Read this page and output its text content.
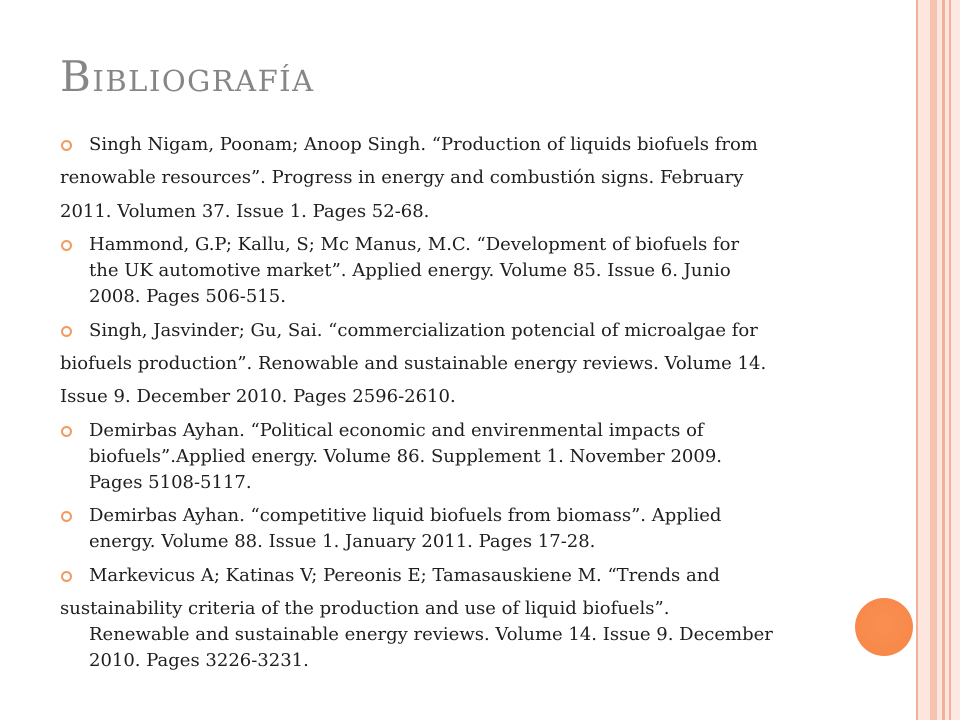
Bibliografía
Singh Nigam, Poonam; Anoop Singh. “Production of liquids biofuels from
renowable resources”. Progress in energy and combustión signs. February
2011. Volumen 37. Issue 1. Pages 52-68.
Hammond, G.P; Kallu, S; Mc Manus, M.C. “Development of biofuels for
the UK automotive market”. Applied energy. Volume 85. Issue 6. Junio
2008. Pages 506-515.
Singh, Jasvinder; Gu, Sai. “commercialization potencial of microalgae for
biofuels production”. Renowable and sustainable energy reviews. Volume 14.
Issue 9. December 2010. Pages 2596-2610.
Demirbas Ayhan. “Political economic and envirenmental impacts of
biofuels”.Applied energy. Volume 86. Supplement 1. November 2009.
Pages 5108-5117.
Demirbas Ayhan. “competitive liquid biofuels from biomass”. Applied
energy. Volume 88. Issue 1. January 2011. Pages 17-28.
Markevicus A; Katinas V; Pereonis E; Tamasauskiene M. “Trends and
sustainability criteria of the production and use of liquid biofuels”.
Renewable and sustainable energy reviews. Volume 14. Issue 9. December
2010. Pages 3226-3231.
